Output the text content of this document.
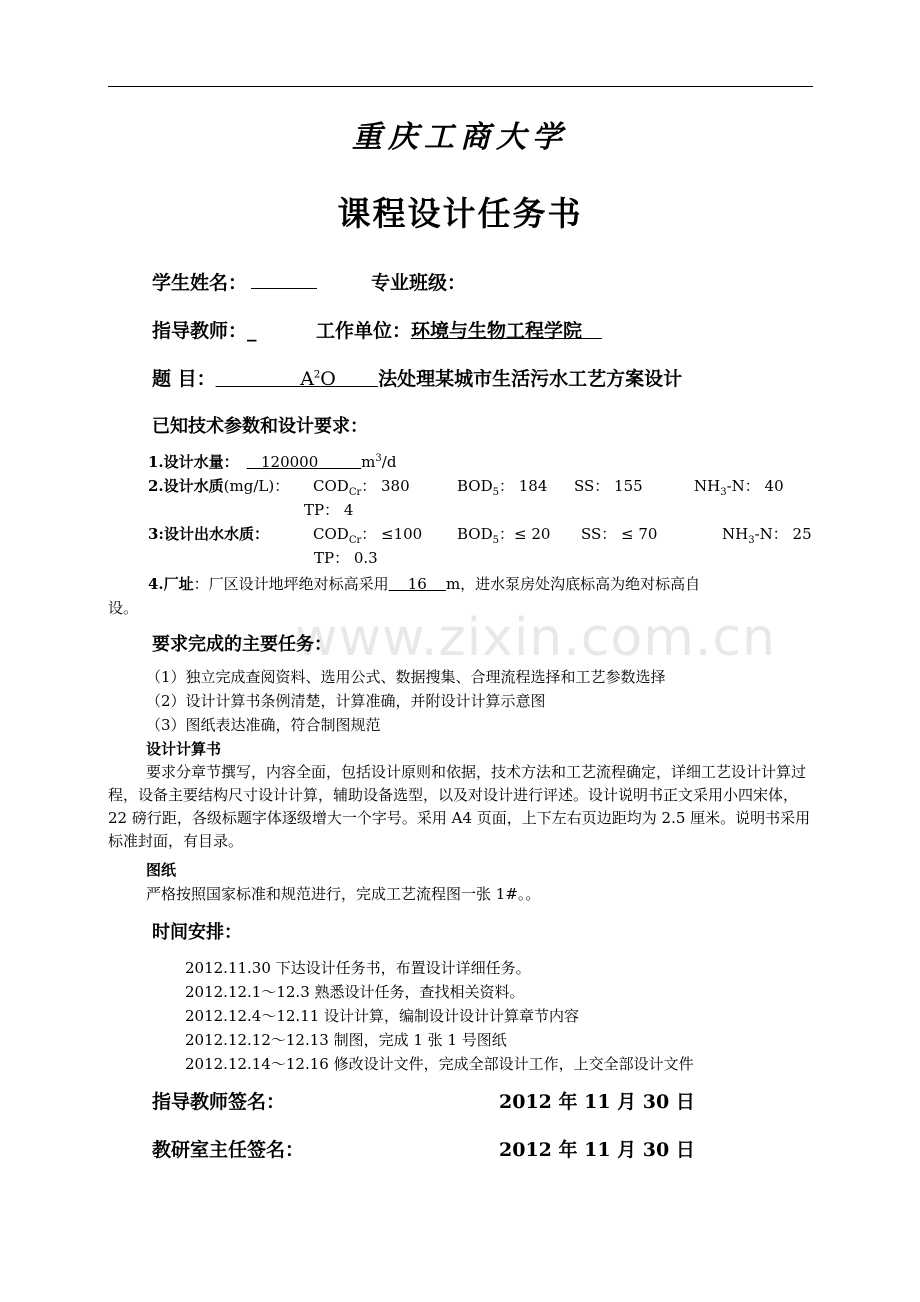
重庆工商大学
课程设计任务书
学生姓名：	专业班级：
指导教师：_	工作单位：环境与生物工程学院
题 目：	$A^2O$ 法处理某城市生活污水工艺方案设计
已知技术参数和设计要求：
1.设计水量： 120000	$m^3/d$
2.设计水质(mg/L)： $COD_{Cr}$： 380	$BOD_5$： 184 SS： 155	$NH_3-N$： 40
TP： 4
3:设计出水水质：	$COD_{Cr}$： ≤100 $BOD_5$：≤ 20 SS： ≤ 70	$NH_3-N$： 25
TP： 0.3
4.厂址：厂区设计地坪绝对标高采用 16 m，进水泵房处沟底标高为绝对标高自
设。	www.zixin.com.cn
要求完成的主要任务：
（1）独立完成查阅资料、选用公式、数据搜集、合理流程选择和工艺参数选择
（2）设计计算书条例清楚，计算准确，并附设计计算示意图
（3）图纸表达准确，符合制图规范
设计计算书
要求分章节撰写，内容全面，包括设计原则和依据，技术方法和工艺流程确定，详细工艺设计计算过程，设备主要结构尺寸设计计算，辅助设备选型，以及对设计进行评述。设计说明书正文采用小四宋体，22 磅行距，各级标题字体逐级增大一个字号。采用 A4 页面，上下左右页边距均为 2.5 厘米。说明书采用标准封面，有目录。
图纸
严格按照国家标准和规范进行，完成工艺流程图一张 1#。。
时间安排：
2012.11.30 下达设计任务书，布置设计详细任务。
2012.12.1～12.3 熟悉设计任务，查找相关资料。
2012.12.4～12.11 设计计算，编制设计设计计算章节内容
2012.12.12～12.13 制图，完成 1 张 1 号图纸
2012.12.14～12.16 修改设计文件，完成全部设计工作，上交全部设计文件
指导教师签名：	2012 年 11 月 30 日
教研室主任签名：	2012 年 11 月 30 日
